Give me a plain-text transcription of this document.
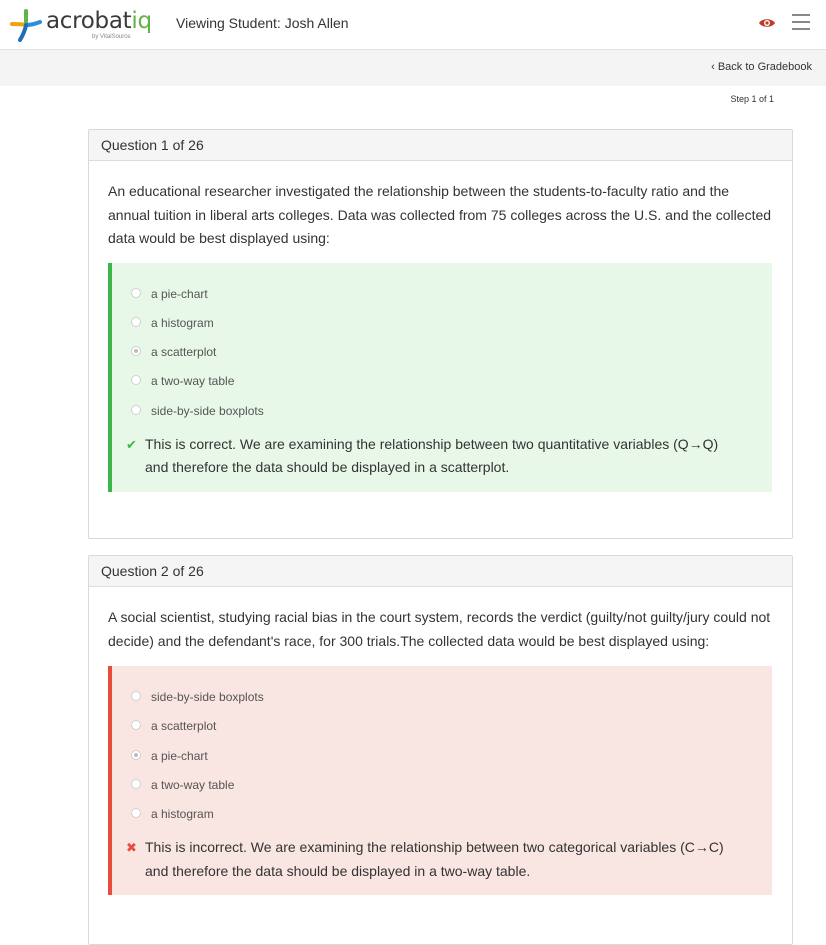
acrobatiq
by VitalSource
Viewing Student: Josh Allen
‹ Back to Gradebook
Step 1 of 1
Question 1 of 26
An educational researcher investigated the relationship between the students-to-faculty ratio and the annual tuition in liberal arts colleges. Data was collected from 75 colleges across the U.S. and the collected data would be best displayed using:
a pie-chart
a histogram
a scatterplot
a two-way table
side-by-side boxplots
✔ This is correct. We are examining the relationship between two quantitative variables (Q→Q) and therefore the data should be displayed in a scatterplot.
Question 2 of 26
A social scientist, studying racial bias in the court system, records the verdict (guilty/not guilty/jury could not decide) and the defendant's race, for 300 trials.The collected data would be best displayed using:
side-by-side boxplots
a scatterplot
a pie-chart
a two-way table
a histogram
✖ This is incorrect. We are examining the relationship between two categorical variables (C→C) and therefore the data should be displayed in a two-way table.
